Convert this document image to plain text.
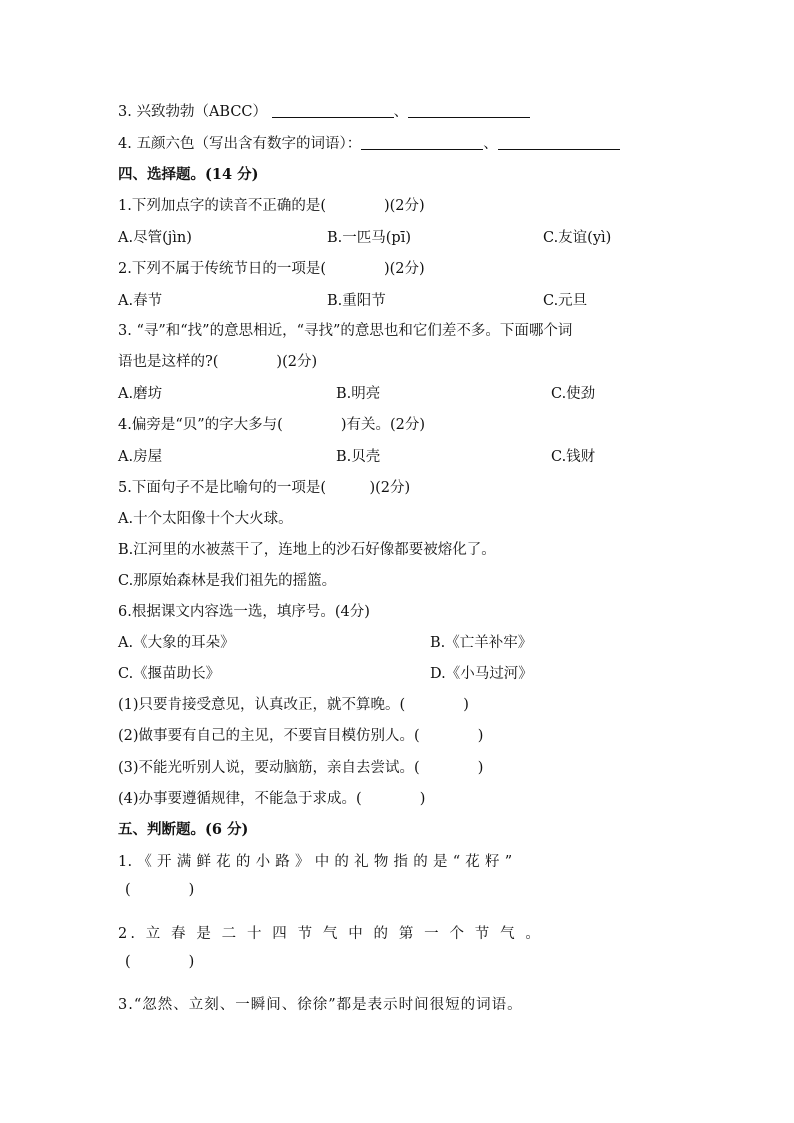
3. 兴致勃勃（ABCC）	、
4. 五颜六色（写出含有数字的词语）：	、
四、选择题。(14 分)
1.下列加点字的读音不正确的是(　　　　)(2分)
A.尽管(jìn)	B.一匹马(pī)	C.友谊(yì)
2.下列不属于传统节日的一项是(　　　　)(2分)
A.春节	B.重阳节	C.元旦
3. “寻”和“找”的意思相近，“寻找”的意思也和它们差不多。下面哪个词
语也是这样的?(　　　　)(2分)
A.磨坊	B.明亮	C.使劲
4.偏旁是“贝”的字大多与(　　　　)有关。(2分)
A.房屋	B.贝壳	C.钱财
5.下面句子不是比喻句的一项是(　　　)(2分)
A.十个太阳像十个大火球。
B.江河里的水被蒸干了，连地上的沙石好像都要被熔化了。
C.那原始森林是我们祖先的摇篮。
6.根据课文内容选一选，填序号。(4分)
A.《大象的耳朵》	B.《亡羊补牢》
C.《揠苗助长》	D.《小马过河》
(1)只要肯接受意见，认真改正，就不算晚。(　　　　)
(2)做事要有自己的主见，不要盲目模仿别人。(　　　　)
(3)不能光听别人说，要动脑筋，亲自去尝试。(　　　　)
(4)办事要遵循规律，不能急于求成。(　　　　)
五、判断题。(6 分)
1. 《 开 满 鲜 花 的 小 路 》 中 的 礼 物 指 的 是 “ 花 籽 ”
(　　　　)
2. 立 春 是 二 十 四 节 气 中 的 第 一 个 节 气 。
(　　　　)
3.“忽然、立刻、一瞬间、徐徐”都是表示时间很短的词语。
